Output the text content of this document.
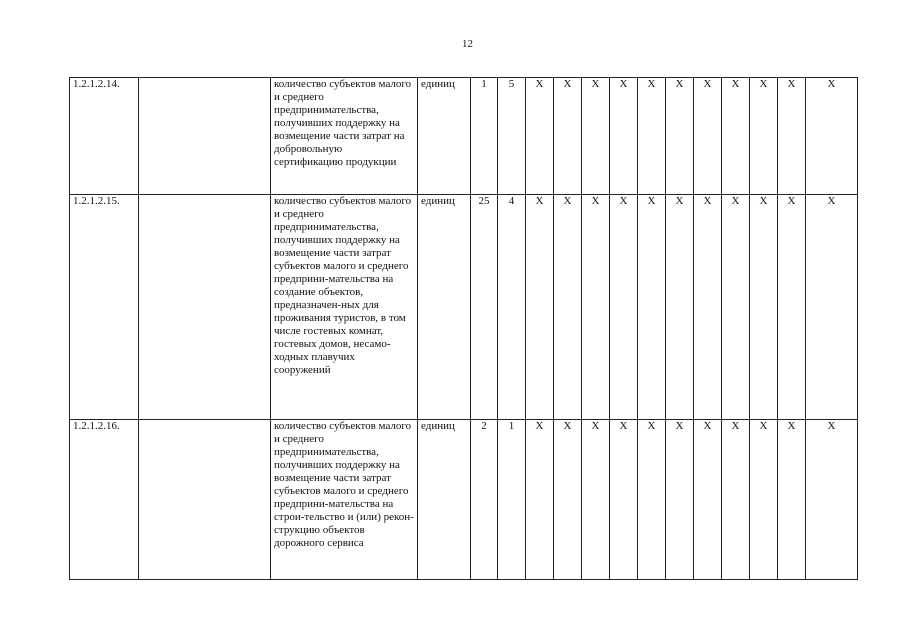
12
1.2.1.2.14.		количество субъектов малого и среднего предпринимательства, получивших поддержку на возмещение части затрат на добровольную сертификацию продукции	единиц	1	5	X	X	X	X	X	X	X	X	X	X	X
1.2.1.2.15.		количество субъектов малого и среднего предпринимательства, получивших поддержку на возмещение части затрат субъектов малого и среднего предприни-мательства на создание объектов, предназначен-ных для проживания туристов, в том числе гостевых комнат, гостевых домов, несамо-ходных плавучих сооружений	единиц	25	4	X	X	X	X	X	X	X	X	X	X	X
1.2.1.2.16.		количество субъектов малого и среднего предпринимательства, получивших поддержку на возмещение части затрат субъектов малого и среднего предприни-мательства на строи-тельство и (или) рекон-струкцию объектов дорожного сервиса	единиц	2	1	X	X	X	X	X	X	X	X	X	X	X
